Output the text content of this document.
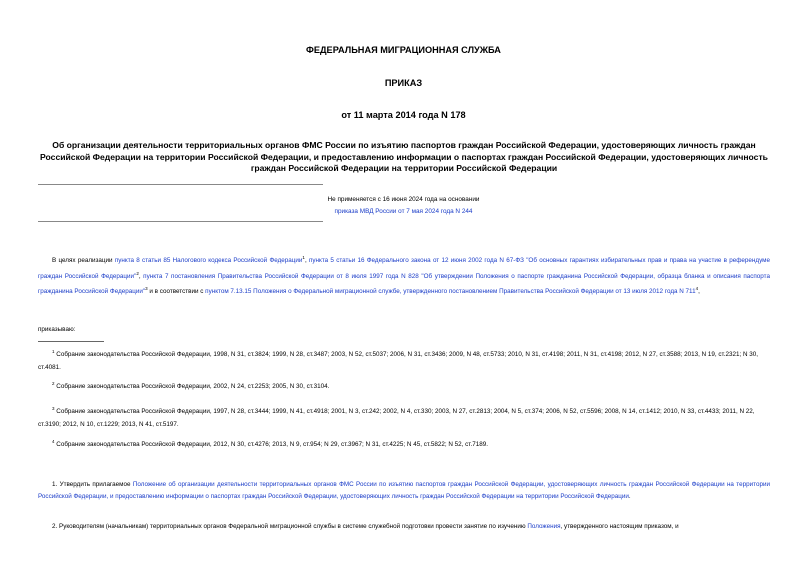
ФЕДЕРАЛЬНАЯ МИГРАЦИОННАЯ СЛУЖБА
ПРИКАЗ
от 11 марта 2014 года N 178
Об организации деятельности территориальных органов ФМС России по изъятию паспортов граждан Российской Федерации, удостоверяющих личность граждан Российской Федерации на территории Российской Федерации, и предоставлению информации о паспортах граждан Российской Федерации, удостоверяющих личность граждан Российской Федерации на территории Российской Федерации
Не применяется с 16 июня 2024 года на основании
приказа МВД России от 7 мая 2024 года N 244
В целях реализации пункта 8 статьи 85 Налогового кодекса Российской Федерации$^1$, пункта 5 статьи 16 Федерального закона от 12 июня 2002 года N 67-ФЗ "Об основных гарантиях избирательных прав и права на участие в референдуме граждан Российской Федерации"$^2$, пункта 7 постановления Правительства Российской Федерации от 8 июля 1997 года N 828 "Об утверждении Положения о паспорте гражданина Российской Федерации, образца бланка и описания паспорта гражданина Российской Федерации"$^3$ и в соответствии с пунктом 7.13.15 Положения о Федеральной миграционной службе, утвержденного постановлением Правительства Российской Федерации от 13 июля 2012 года N $711^4$,
приказываю:
$^1$ Собрание законодательства Российской Федерации, 1998, N 31, ст.3824; 1999, N 28, ст.3487; 2003, N 52, ст.5037; 2006, N 31, ст.3436; 2009, N 48, ст.5733; 2010, N 31, ст.4198; 2011, N 31, ст.4198; 2012, N 27, ст.3588; 2013, N 19, ст.2321; N 30, ст.4081.
$^2$ Собрание законодательства Российской Федерации, 2002, N 24, ст.2253; 2005, N 30, ст.3104.
$^3$ Собрание законодательства Российской Федерации, 1997, N 28, ст.3444; 1999, N 41, ст.4918; 2001, N 3, ст.242; 2002, N 4, ст.330; 2003, N 27, ст.2813; 2004, N 5, ст.374; 2006, N 52, ст.5596; 2008, N 14, ст.1412; 2010, N 33, ст.4433; 2011, N 22, ст.3190; 2012, N 10, ст.1229; 2013, N 41, ст.5197.
$^4$ Собрание законодательства Российской Федерации, 2012, N 30, ст.4276; 2013, N 9, ст.954; N 29, ст.3967; N 31, ст.4225; N 45, ст.5822; N 52, ст.7189.
1. Утвердить прилагаемое Положение об организации деятельности территориальных органов ФМС России по изъятию паспортов граждан Российской Федерации, удостоверяющих личность граждан Российской Федерации на территории Российской Федерации, и предоставлению информации о паспортах граждан Российской Федерации, удостоверяющих личность граждан Российской Федерации на территории Российской Федерации.
2. Руководителям (начальникам) территориальных органов Федеральной миграционной службы в системе служебной подготовки провести занятие по изучению Положения, утвержденного настоящим приказом, и
